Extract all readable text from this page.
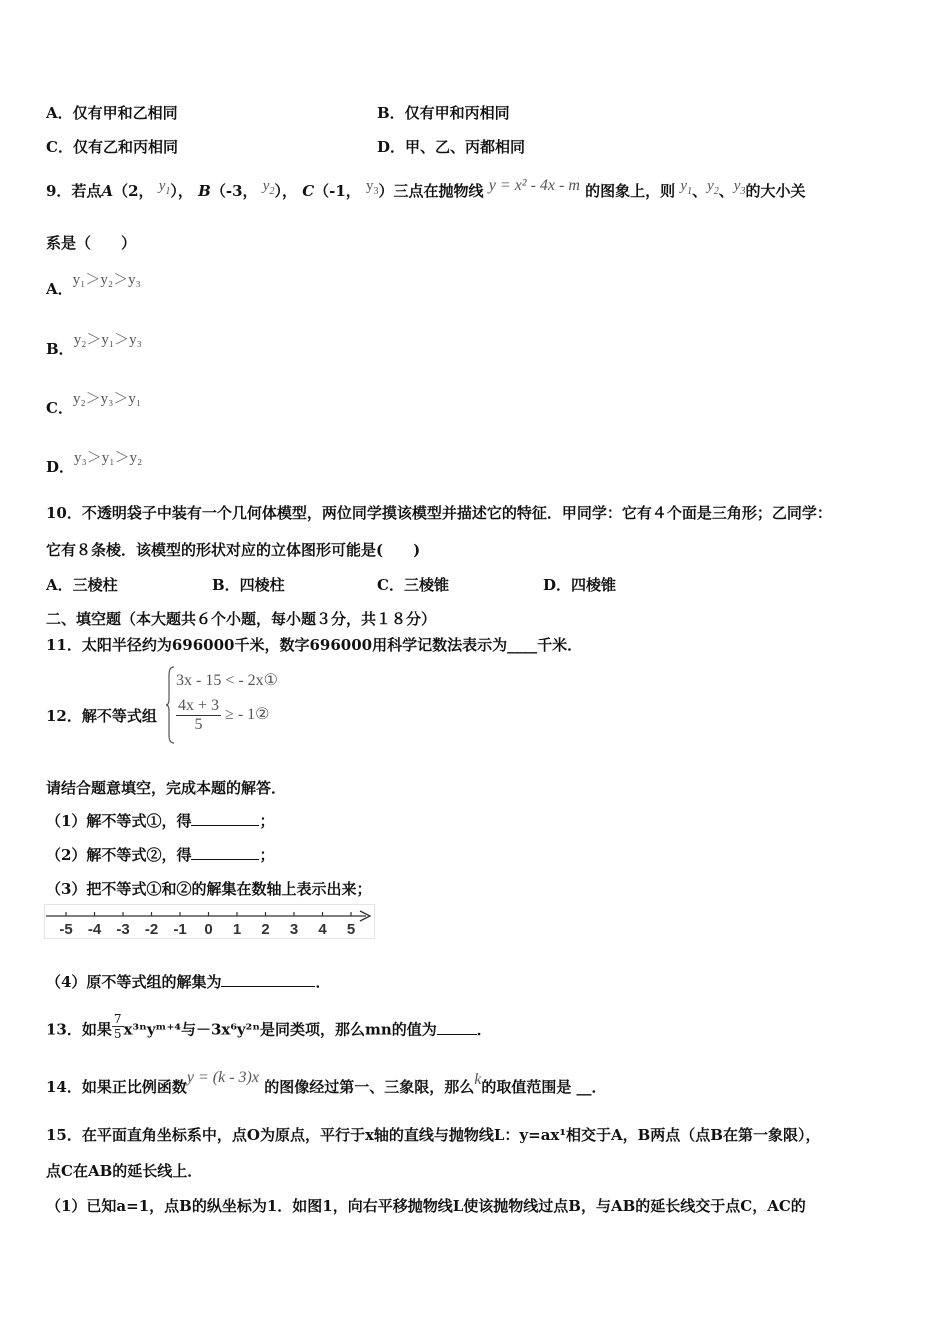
A．仅有甲和乙相同	B．仅有甲和丙相同
C．仅有乙和丙相同	D．甲、乙、丙都相同
9．若点A（2， $y_1$）， B（-3， $y_2$）， C（-1， $y_3$）三点在抛物线 y = x² - 4x - m 的图象上，则 $y_1$、$y_2$、$y_3$的大小关
系是（　　）
A．y₁＞y₂＞y₃
B．y₂＞y₁＞y₃
C．y₂＞y₃＞y₁
D．y₃＞y₁＞y₂
10．不透明袋子中装有一个几何体模型，两位同学摸该模型并描述它的特征．甲同学：它有４个面是三角形；乙同学：
它有８条棱．该模型的形状对应的立体图形可能是(　　)
A．三棱柱	B．四棱柱	C．三棱锥	D．四棱锥
二、填空题（本大题共６个小题，每小题３分，共１８分）
11．太阳半径约为696000千米，数字696000用科学记数法表示为____千米．
12．解不等式组
3x - 15 < - 2x①
$\frac{4x + 3}{5}$ ≥ - 1②
请结合题意填空，完成本题的解答．
（1）解不等式①，得	；
（2）解不等式②，得	；
（3）把不等式①和②的解集在数轴上表示出来；
-5 -4 -3 -2 -1 0 1 2 3 4 5
（4）原不等式组的解集为	．
13．如果 $\frac{7}{5}$ x³ⁿyᵐ⁺⁴与－3x⁶y²ⁿ是同类项，那么mn的值为	．
14．如果正比例函数y = (k - 3)x 的图像经过第一、三象限，那么k的取值范围是 __．
15．在平面直角坐标系中，点O为原点，平行于x轴的直线与抛物线L：y=ax¹相交于A，B两点（点B在第一象限），
点C在AB的延长线上．
（1）已知a=1，点B的纵坐标为1．如图1，向右平移抛物线L使该抛物线过点B，与AB的延长线交于点C，AC的
